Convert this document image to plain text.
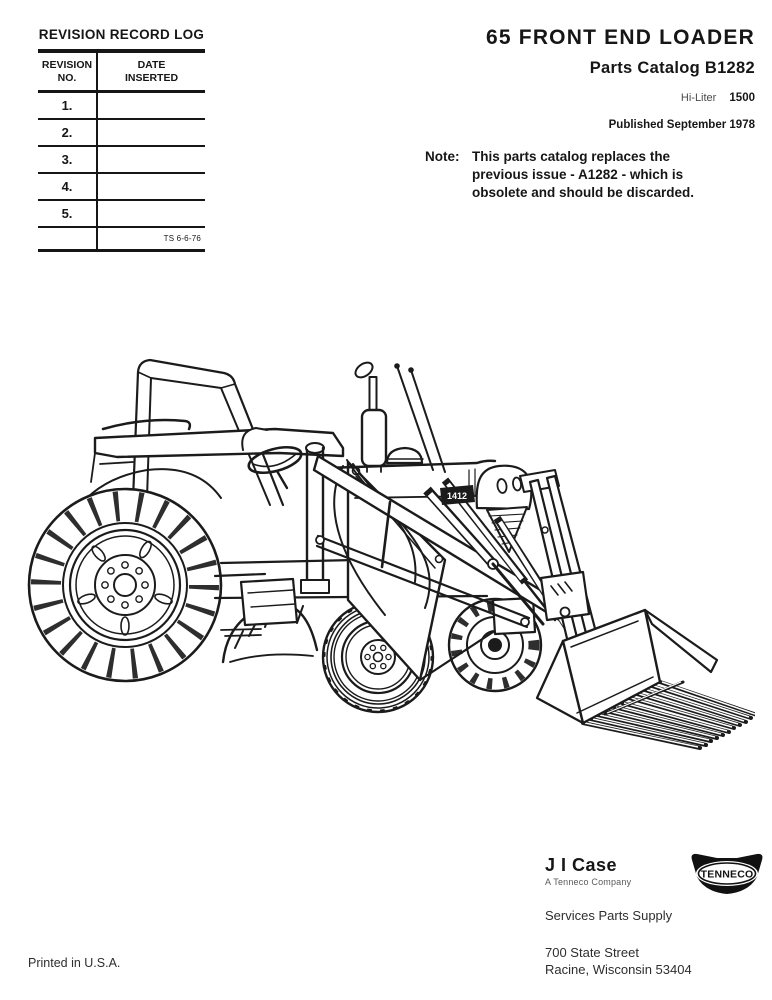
REVISION RECORD LOG
REVISION
NO.
DATE
INSERTED
1.
2.
3.
4.
5.
TS 6-6-76
65 FRONT END LOADER
Parts Catalog B1282
Hi-Liter 1500
Published September 1978
Note: This parts catalog replaces the
previous issue - A1282 - which is
obsolete and should be discarded.
1412
J I Case
A Tenneco Company
TENNECO
Services Parts Supply
700 State Street
Racine, Wisconsin 53404
Printed in U.S.A.
